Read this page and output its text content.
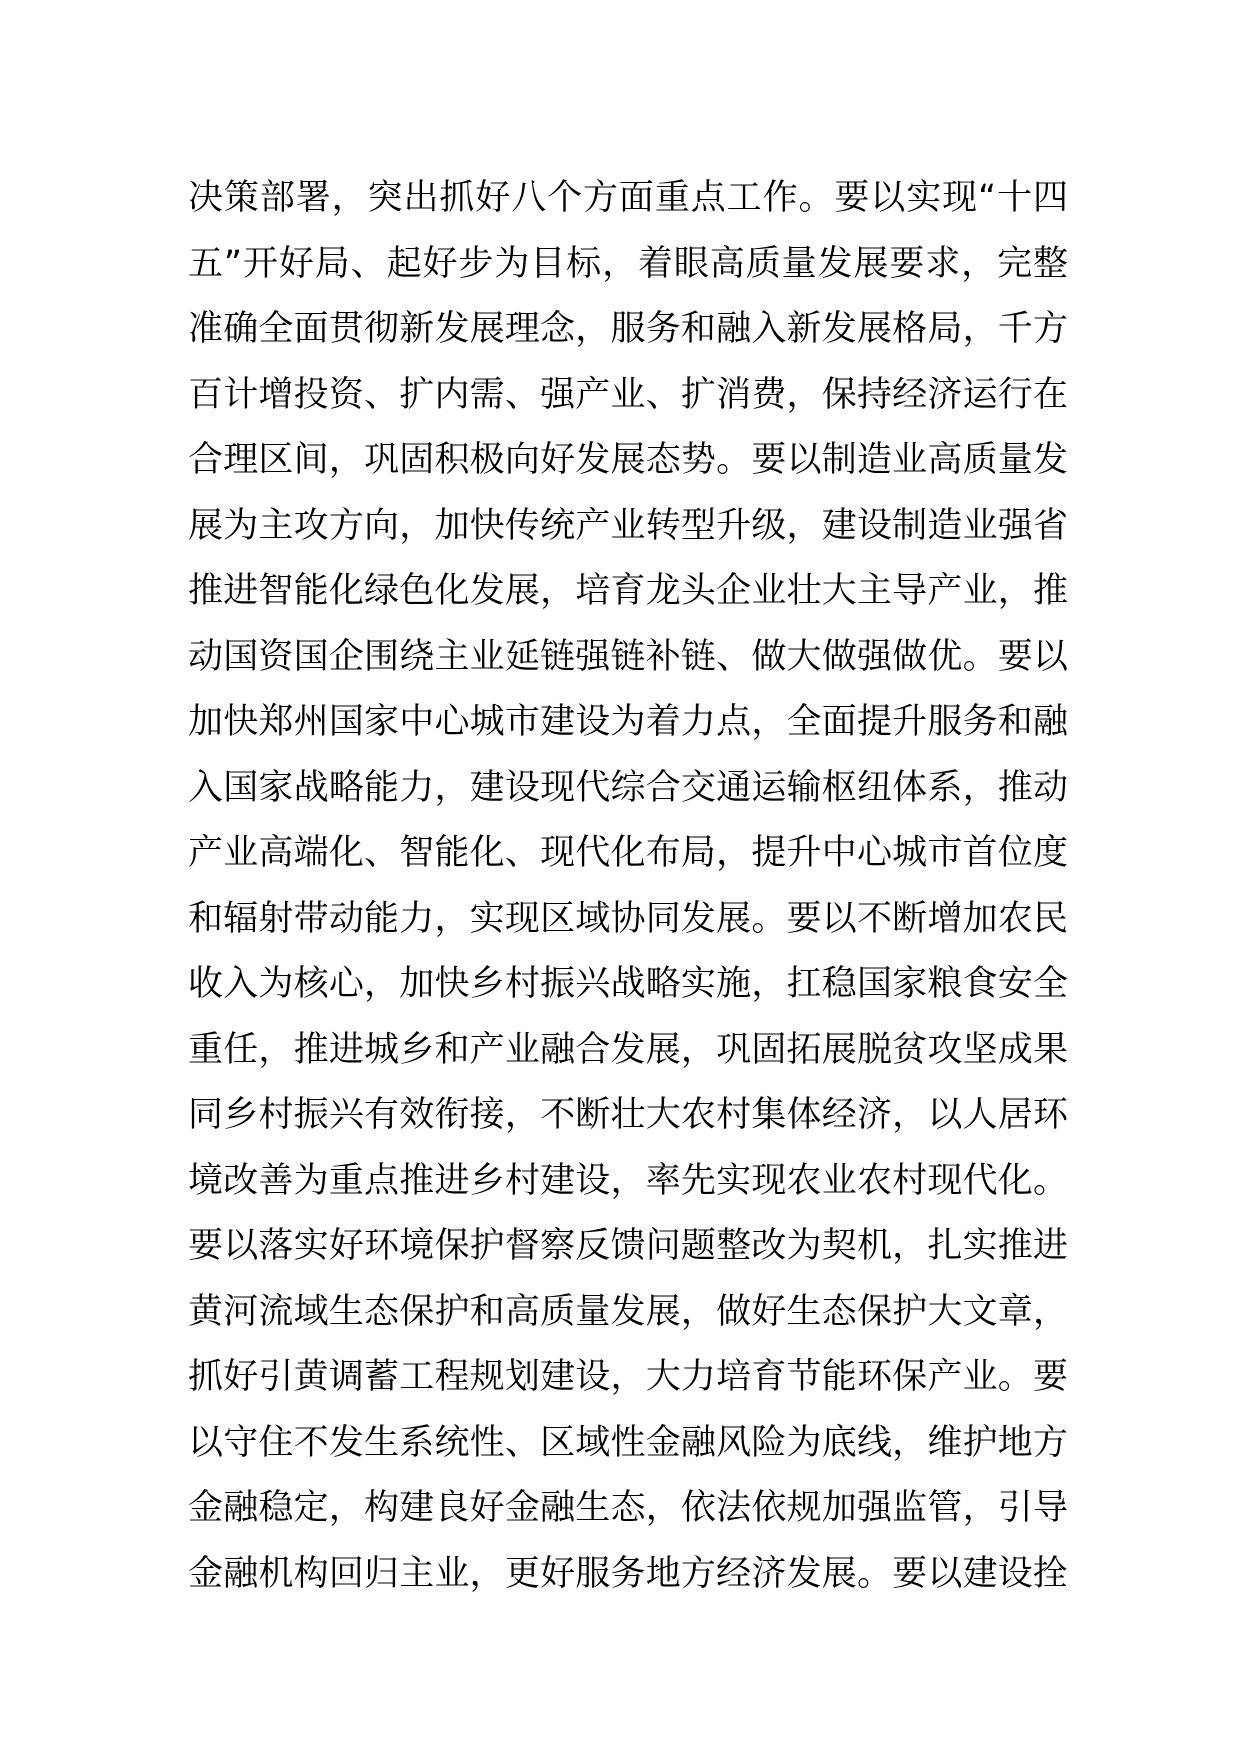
决策部署，突出抓好八个方面重点工作。要以实现“十四
五”开好局、起好步为目标，着眼高质量发展要求，完整
准确全面贯彻新发展理念，服务和融入新发展格局，千方
百计增投资、扩内需、强产业、扩消费，保持经济运行在
合理区间，巩固积极向好发展态势。要以制造业高质量发
展为主攻方向，加快传统产业转型升级，建设制造业强省
推进智能化绿色化发展，培育龙头企业壮大主导产业，推
动国资国企围绕主业延链强链补链、做大做强做优。要以
加快郑州国家中心城市建设为着力点，全面提升服务和融
入国家战略能力，建设现代综合交通运输枢纽体系，推动
产业高端化、智能化、现代化布局，提升中心城市首位度
和辐射带动能力，实现区域协同发展。要以不断增加农民
收入为核心，加快乡村振兴战略实施，扛稳国家粮食安全
重任，推进城乡和产业融合发展，巩固拓展脱贫攻坚成果
同乡村振兴有效衔接，不断壮大农村集体经济，以人居环
境改善为重点推进乡村建设，率先实现农业农村现代化。
要以落实好环境保护督察反馈问题整改为契机，扎实推进
黄河流域生态保护和高质量发展，做好生态保护大文章，
抓好引黄调蓄工程规划建设，大力培育节能环保产业。要
以守住不发生系统性、区域性金融风险为底线，维护地方
金融稳定，构建良好金融生态，依法依规加强监管，引导
金融机构回归主业，更好服务地方经济发展。要以建设拴
